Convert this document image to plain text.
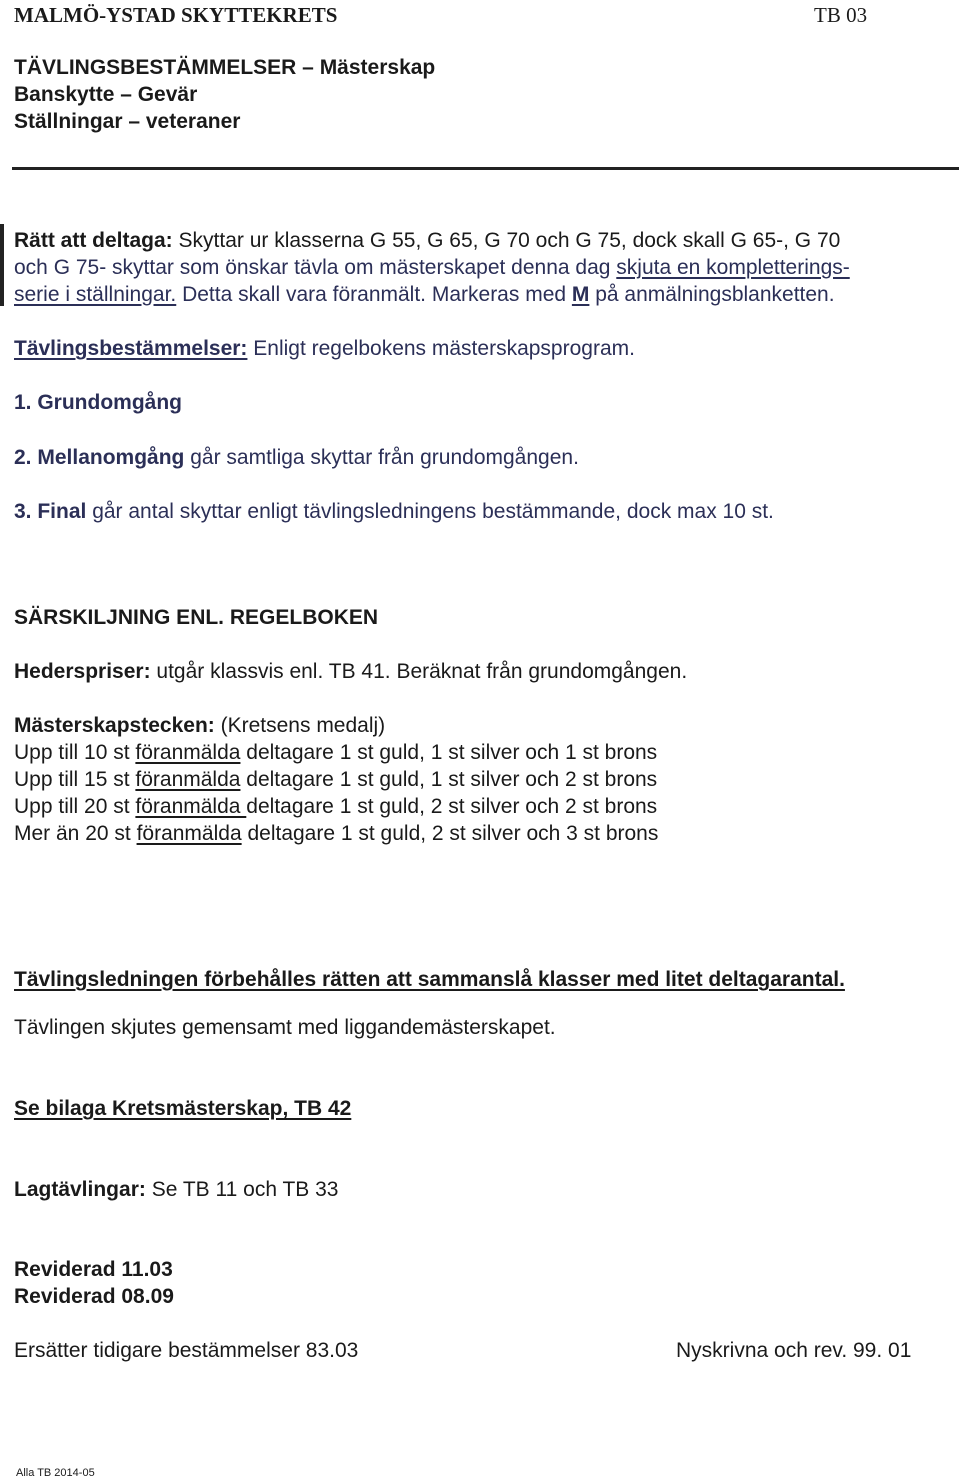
MALMÖ-YSTAD SKYTTEKRETS	TB 03
TÄVLINGSBESTÄMMELSER – Mästerskap
Banskytte – Gevär
Ställningar – veteraner
Rätt att deltaga: Skyttar ur klasserna G 55, G 65, G 70 och G 75, dock skall G 65-, G 70
och G 75- skyttar som önskar tävla om mästerskapet denna dag skjuta en kompletterings-
serie i ställningar. Detta skall vara föranmält. Markeras med M på anmälningsblanketten.
Tävlingsbestämmelser: Enligt regelbokens mästerskapsprogram.
1. Grundomgång
2. Mellanomgång går samtliga skyttar från grundomgången.
3. Final går antal skyttar enligt tävlingsledningens bestämmande, dock max 10 st.
SÄRSKILJNING ENL. REGELBOKEN
Hederspriser: utgår klassvis enl. TB 41. Beräknat från grundomgången.
Mästerskapstecken: (Kretsens medalj)
Upp till 10 st föranmälda deltagare 1 st guld, 1 st silver och 1 st brons
Upp till 15 st föranmälda deltagare 1 st guld, 1 st silver och 2 st brons
Upp till 20 st föranmälda deltagare 1 st guld, 2 st silver och 2 st brons
Mer än 20 st föranmälda deltagare 1 st guld, 2 st silver och 3 st brons
Tävlingsledningen förbehålles rätten att sammanslå klasser med litet deltagarantal.
Tävlingen skjutes gemensamt med liggandemästerskapet.
Se bilaga Kretsmästerskap, TB 42
Lagtävlingar: Se TB 11 och TB 33
Reviderad 11.03
Reviderad 08.09
Ersätter tidigare bestämmelser 83.03	Nyskrivna och rev. 99. 01
Alla TB 2014-05
